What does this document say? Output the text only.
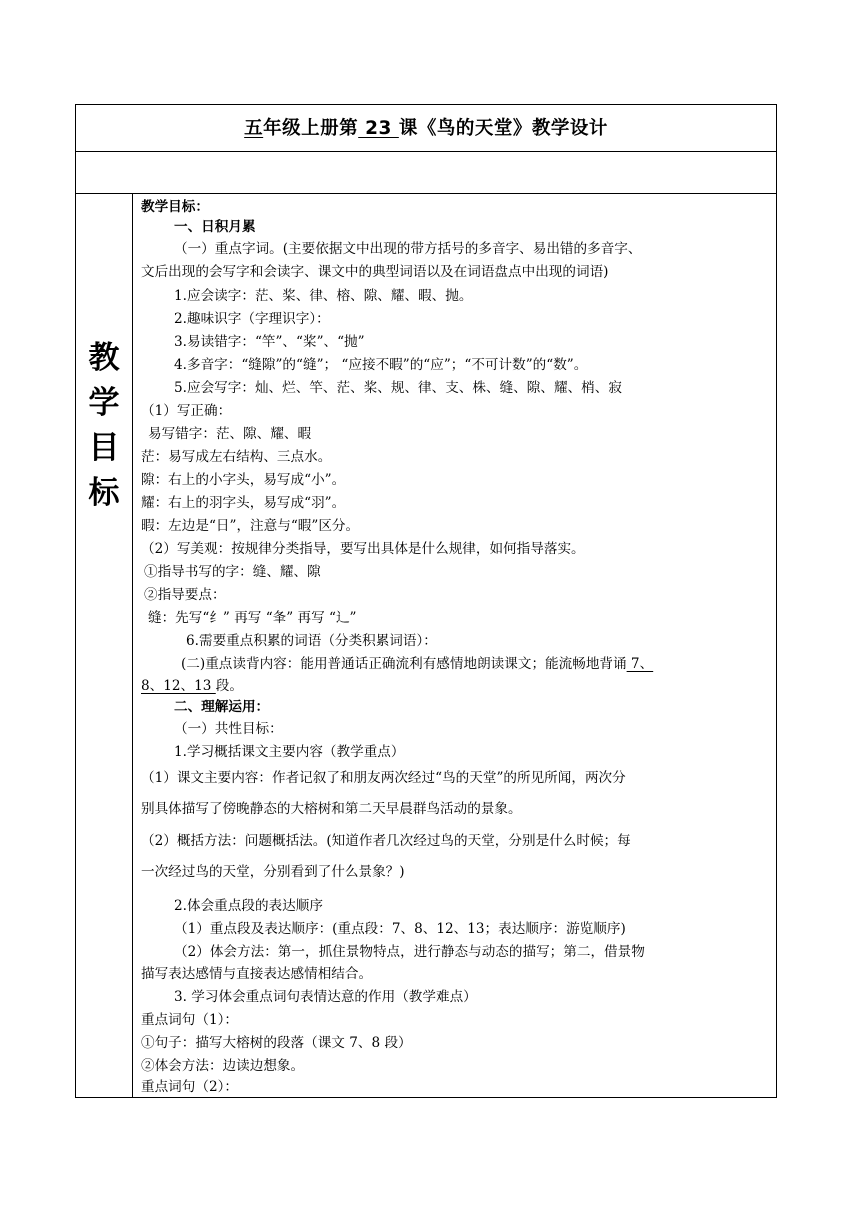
五年级上册第 23 课《鸟的天堂》教学设计
教
学
目
标
教学目标：
一、日积月累
（一）重点字词。(主要依据文中出现的带方括号的多音字、易出错的多音字、
文后出现的会写字和会读字、课文中的典型词语以及在词语盘点中出现的词语)
1.应会读字：茫、桨、律、榕、隙、耀、暇、抛。
2.趣味识字（字理识字）：
3.易读错字：“竿”、“桨”、“抛”
4.多音字：“缝隙”的“缝”； “应接不暇”的“应”；“不可计数”的“数”。
5.应会写字：灿、烂、竿、茫、桨、规、律、支、株、缝、隙、耀、梢、寂
（1）写正确：
易写错字：茫、隙、耀、暇
茫：易写成左右结构、三点水。
隙：右上的小字头，易写成“小”。
耀：右上的羽字头，易写成“羽”。
暇：左边是“日”，注意与“暇”区分。
（2）写美观：按规律分类指导，要写出具体是什么规律，如何指导落实。
①指导书写的字：缝、耀、隙
②指导要点：
缝：先写“纟” 再写 “夆” 再写 “辶”
6.需要重点积累的词语（分类积累词语）：
(二)重点读背内容：能用普通话正确流利有感情地朗读课文；能流畅地背诵 7、
8、12、13 段。
二、理解运用：
（一）共性目标：
1.学习概括课文主要内容（教学重点）
（1）课文主要内容：作者记叙了和朋友两次经过“鸟的天堂”的所见所闻，两次分
别具体描写了傍晚静态的大榕树和第二天早晨群鸟活动的景象。
（2）概括方法：问题概括法。(知道作者几次经过鸟的天堂，分别是什么时候；每
一次经过鸟的天堂，分别看到了什么景象？)
2.体会重点段的表达顺序
（1）重点段及表达顺序：(重点段：7、8、12、13；表达顺序：游览顺序)
（2）体会方法：第一，抓住景物特点，进行静态与动态的描写；第二，借景物
描写表达感情与直接表达感情相结合。
3. 学习体会重点词句表情达意的作用（教学难点）
重点词句（1）：
①句子：描写大榕树的段落（课文 7、8 段）
②体会方法：边读边想象。
重点词句（2）：
